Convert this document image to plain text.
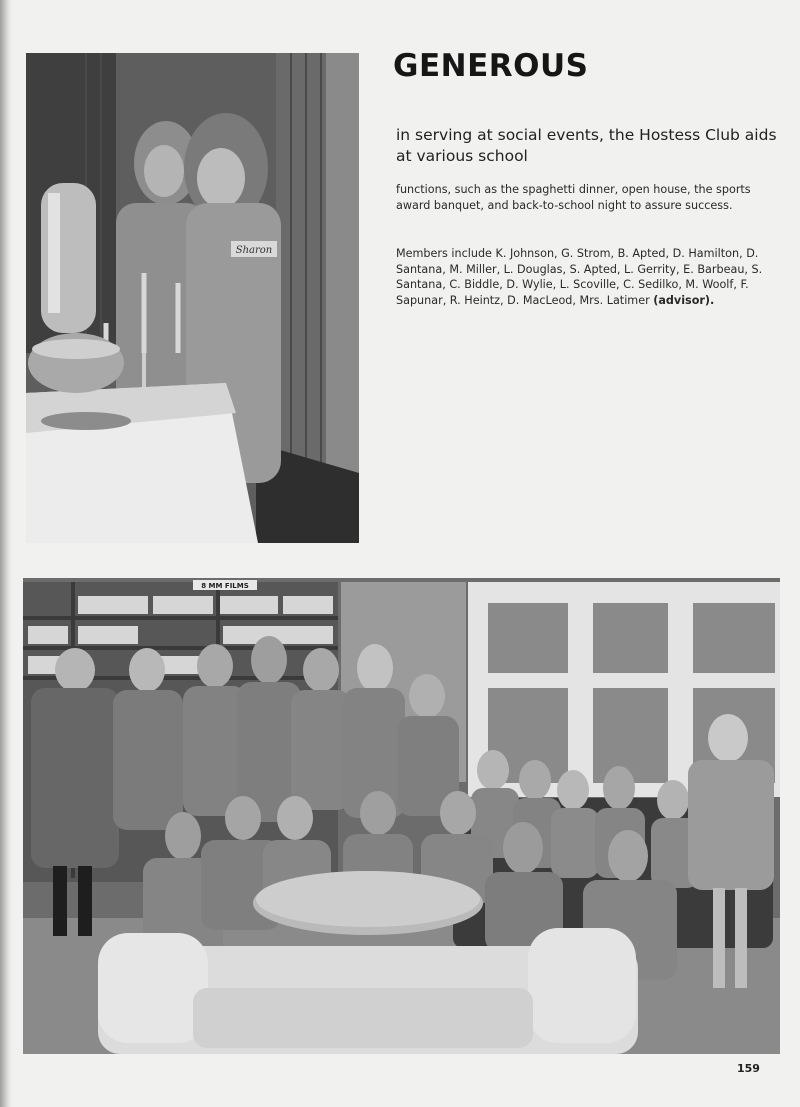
Sharon
GENEROUS

in serving at social events, the Hostess Club aids at various school

functions, such as the spaghetti dinner, open house, the sports award banquet, and back-to-school night to assure success.

Members include K. Johnson, G. Strom, B. Apted, D. Hamilton, D. Santana, M. Miller, L. Douglas, S. Apted, L. Gerrity, E. Barbeau, S. Santana, C. Biddle, D. Wylie, L. Scoville, C. Sedilko, M. Woolf, F. Sapunar, R. Heintz, D. MacLeod, Mrs. Latimer (advisor).

8 MM FILMS
159
